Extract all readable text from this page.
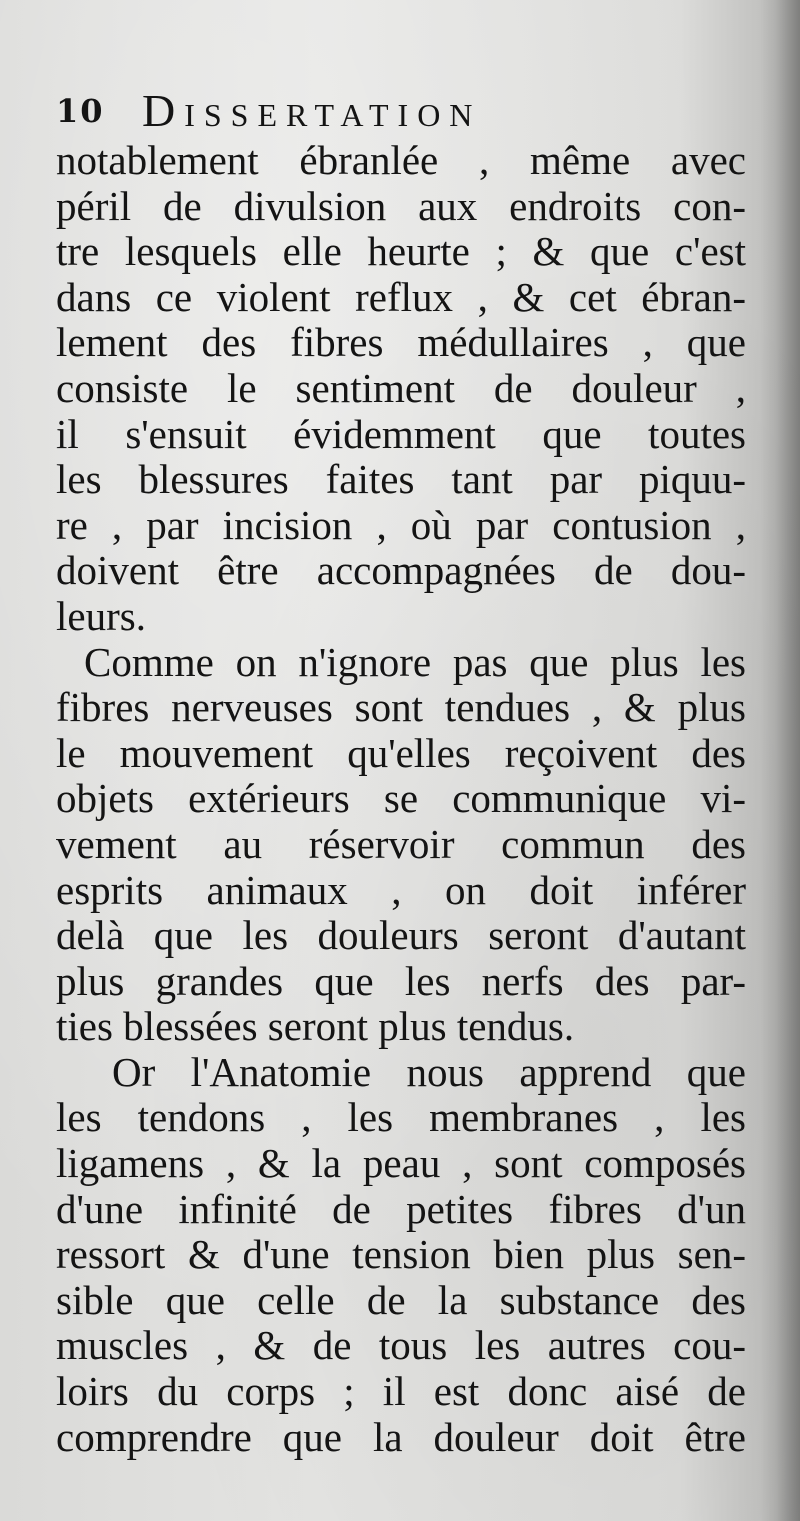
10 Dissertation
notablement ébranlée , même avec
péril de divulsion aux endroits con-
tre lesquels elle heurte ; & que c'est
dans ce violent reflux , & cet ébran-
lement des fibres médullaires , que
consiste le sentiment de douleur ,
il s'ensuit évidemment que toutes
les blessures faites tant par piquu-
re , par incision , où par contusion ,
doivent être accompagnées de dou-
leurs.
Comme on n'ignore pas que plus les
fibres nerveuses sont tendues , & plus
le mouvement qu'elles reçoivent des
objets extérieurs se communique vi-
vement au réservoir commun des
esprits animaux , on doit inférer
delà que les douleurs seront d'autant
plus grandes que les nerfs des par-
ties blessées seront plus tendus.
Or l'Anatomie nous apprend que
les tendons , les membranes , les
ligamens , & la peau , sont composés
d'une infinité de petites fibres d'un
ressort & d'une tension bien plus sen-
sible que celle de la substance des
muscles , & de tous les autres cou-
loirs du corps ; il est donc aisé de
comprendre que la douleur doit être
